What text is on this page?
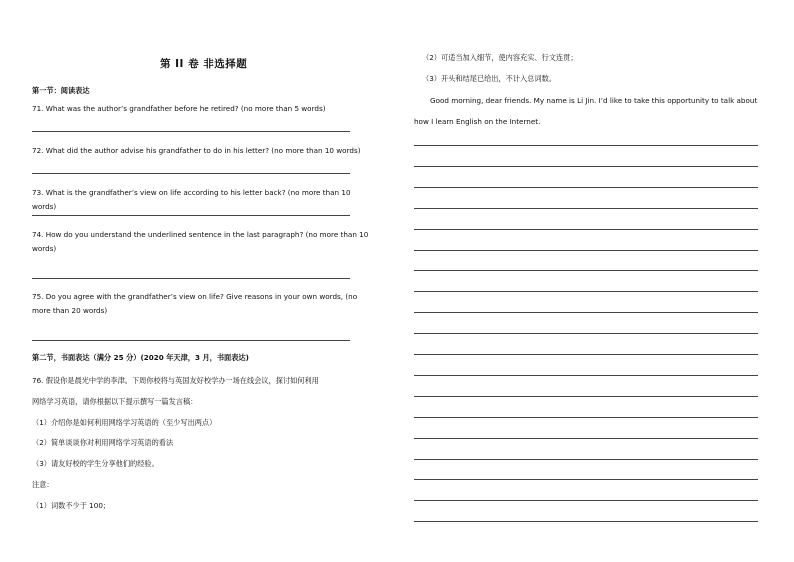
第 II 卷 非选择题
第一节：阅读表达
71. What was the author’s grandfather before he retired? (no more than 5 words)
72. What did the author advise his grandfather to do in his letter? (no more than 10 words)
73. What is the grandfather’s view on life according to his letter back? (no more than 10 words)
74. How do you understand the underlined sentence in the last paragraph? (no more than 10 words)
75. Do you agree with the grandfather’s view on life? Give reasons in your own words, (no more than 20 words)
第二节，书面表达（满分 25 分）(2020 年天津，3 月，书面表达)
76. 假设你是晨光中学的李津。下周你校将与英国友好校学办一场在线会议，探讨如何利用
网络学习英语，请你根据以下提示撰写一篇发言稿：
（1）介绍你是如何利用网络学习英语的（至少写出两点）
（2）简单谈谈你对利用网络学习英语的看法
（3）请友好校的学生分享他们的经验。
注意：
（1）词数不少于 100；
（2）可适当加入细节，使内容充实、行文连贯；
（3）开头和结尾已给出，不计入总词数。
Good morning, dear friends. My name is Li Jin. I’d like to take this opportunity to talk about
how I learn English on the Internet.
